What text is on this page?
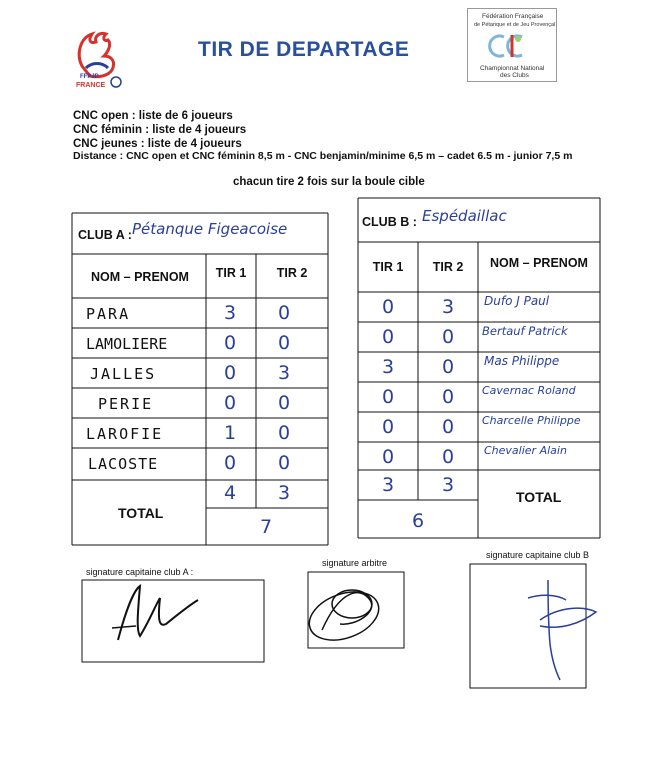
FFPJP
FRANCE
TIR DE DEPARTAGE
Fédération Française
de Pétanque et de Jeu Provençal
Championnat National
des Clubs
CNC open : liste de 6 joueurs
CNC féminin : liste de 4 joueurs
CNC jeunes : liste de 4 joueurs
Distance : CNC open et CNC féminin 8,5 m - CNC benjamin/minime 6,5 m – cadet 6.5 m - junior 7,5 m
chacun tire 2 fois sur la boule cible
CLUB A : Pétanque Figeacoise
NOM – PRENOM	TIR 1	TIR 2
PARA	3	0
LAMOLIERE	0	0
JALLES	0	3
PERIE	0	0
LAROFIE	1	0
LACOSTE	0	0
4	3
TOTAL
7
CLUB B : Espédaillac
TIR 1	TIR 2	NOM – PRENOM
0	3	Dufo J Paul
0	0	Bertauf Patrick
3	0	Mas Philippe
0	0	Cavernac Roland
0	0	Charcelle Philippe
0	0	Chevalier Alain
3	3
6
TOTAL
signature capitaine club A :
signature arbitre
signature capitaine club B
